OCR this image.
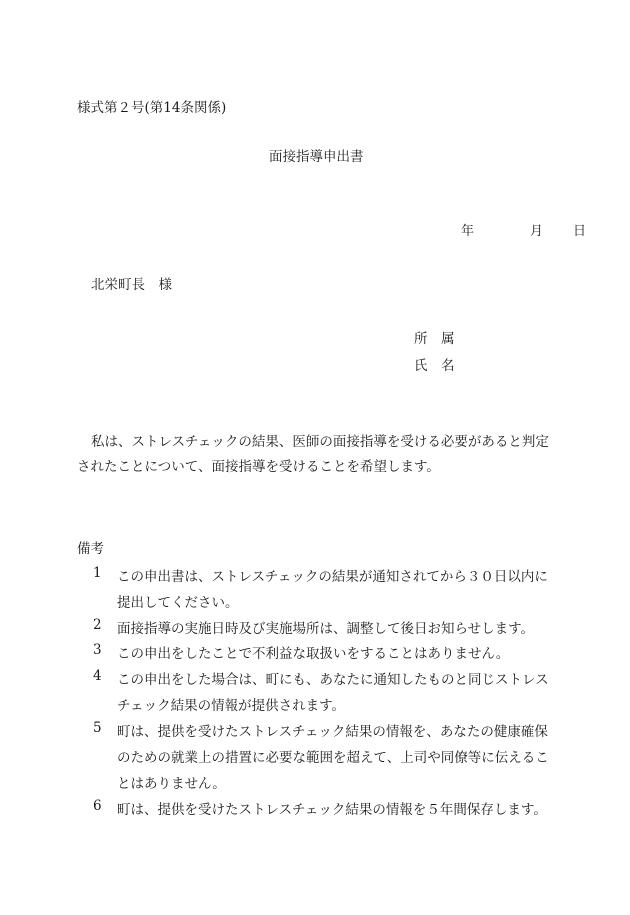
様式第２号(第14条関係)
面接指導申出書
年	月 日
北栄町長　様
所　属
氏　名

私は、ストレスチェックの結果、医師の面接指導を受ける必要があると判定

されたことについて、面接指導を受けることを希望します。

備考
1 この申出書は、ストレスチェックの結果が通知されてから３０日以内に
提出してください。
2 面接指導の実施日時及び実施場所は、調整して後日お知らせします。
3 この申出をしたことで不利益な取扱いをすることはありません。
4 この申出をした場合は、町にも、あなたに通知したものと同じストレス
チェック結果の情報が提供されます。
5 町は、提供を受けたストレスチェック結果の情報を、あなたの健康確保
のための就業上の措置に必要な範囲を超えて、上司や同僚等に伝えるこ
とはありません。
6 町は、提供を受けたストレスチェック結果の情報を５年間保存します。
